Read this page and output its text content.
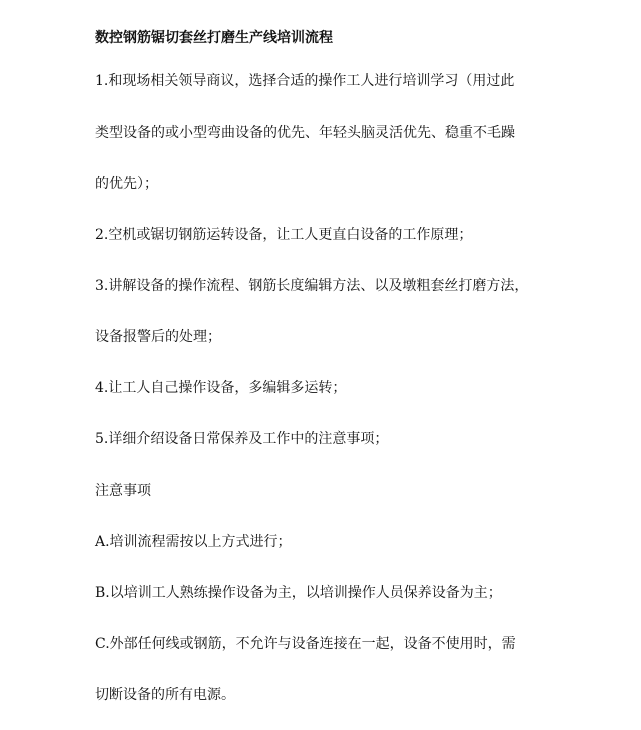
数控钢筋锯切套丝打磨生产线培训流程
1.和现场相关领导商议，选择合适的操作工人进行培训学习（用过此
类型设备的或小型弯曲设备的优先、年轻头脑灵活优先、稳重不毛躁
的优先）；
2.空机或锯切钢筋运转设备，让工人更直白设备的工作原理；
3.讲解设备的操作流程、钢筋长度编辑方法、以及墩粗套丝打磨方法，
设备报警后的处理；
4.让工人自己操作设备，多编辑多运转；
5.详细介绍设备日常保养及工作中的注意事项；
注意事项
A.培训流程需按以上方式进行；
B.以培训工人熟练操作设备为主，以培训操作人员保养设备为主；
C.外部任何线或钢筋，不允许与设备连接在一起，设备不使用时，需
切断设备的所有电源。
